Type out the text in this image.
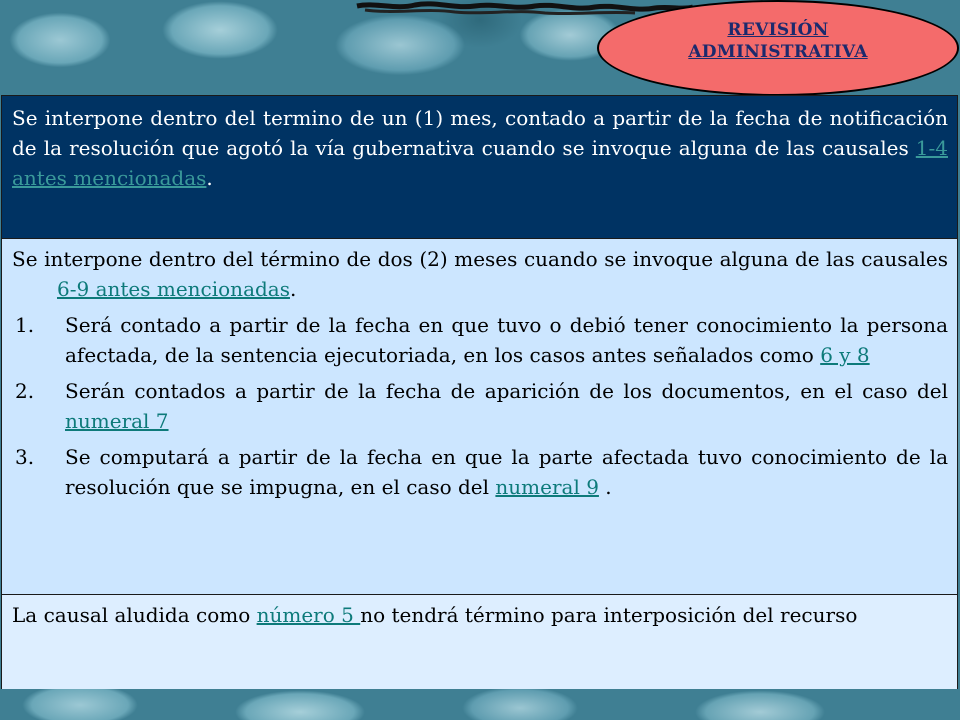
REVISIÓN
ADMINISTRATIVA

Se interpone dentro del termino de un (1) mes, contado a partir de la fecha de notificación de la resolución que agotó la vía gubernativa cuando se invoque alguna de las causales 1-4 antes mencionadas.

Se interpone dentro del término de dos (2) meses cuando se invoque alguna de las causales 6-9 antes mencionadas.

1.	Será contado a partir de la fecha en que tuvo o debió tener conocimiento la persona afectada, de la sentencia ejecutoriada, en los casos antes señalados como 6 y 8
2.	Serán contados a partir de la fecha de aparición de los documentos, en el caso del numeral 7
3.	Se computará a partir de la fecha en que la parte afectada tuvo conocimiento de la resolución que se impugna, en el caso del numeral 9 .

La causal aludida como número 5 no tendrá término para interposición del recurso
